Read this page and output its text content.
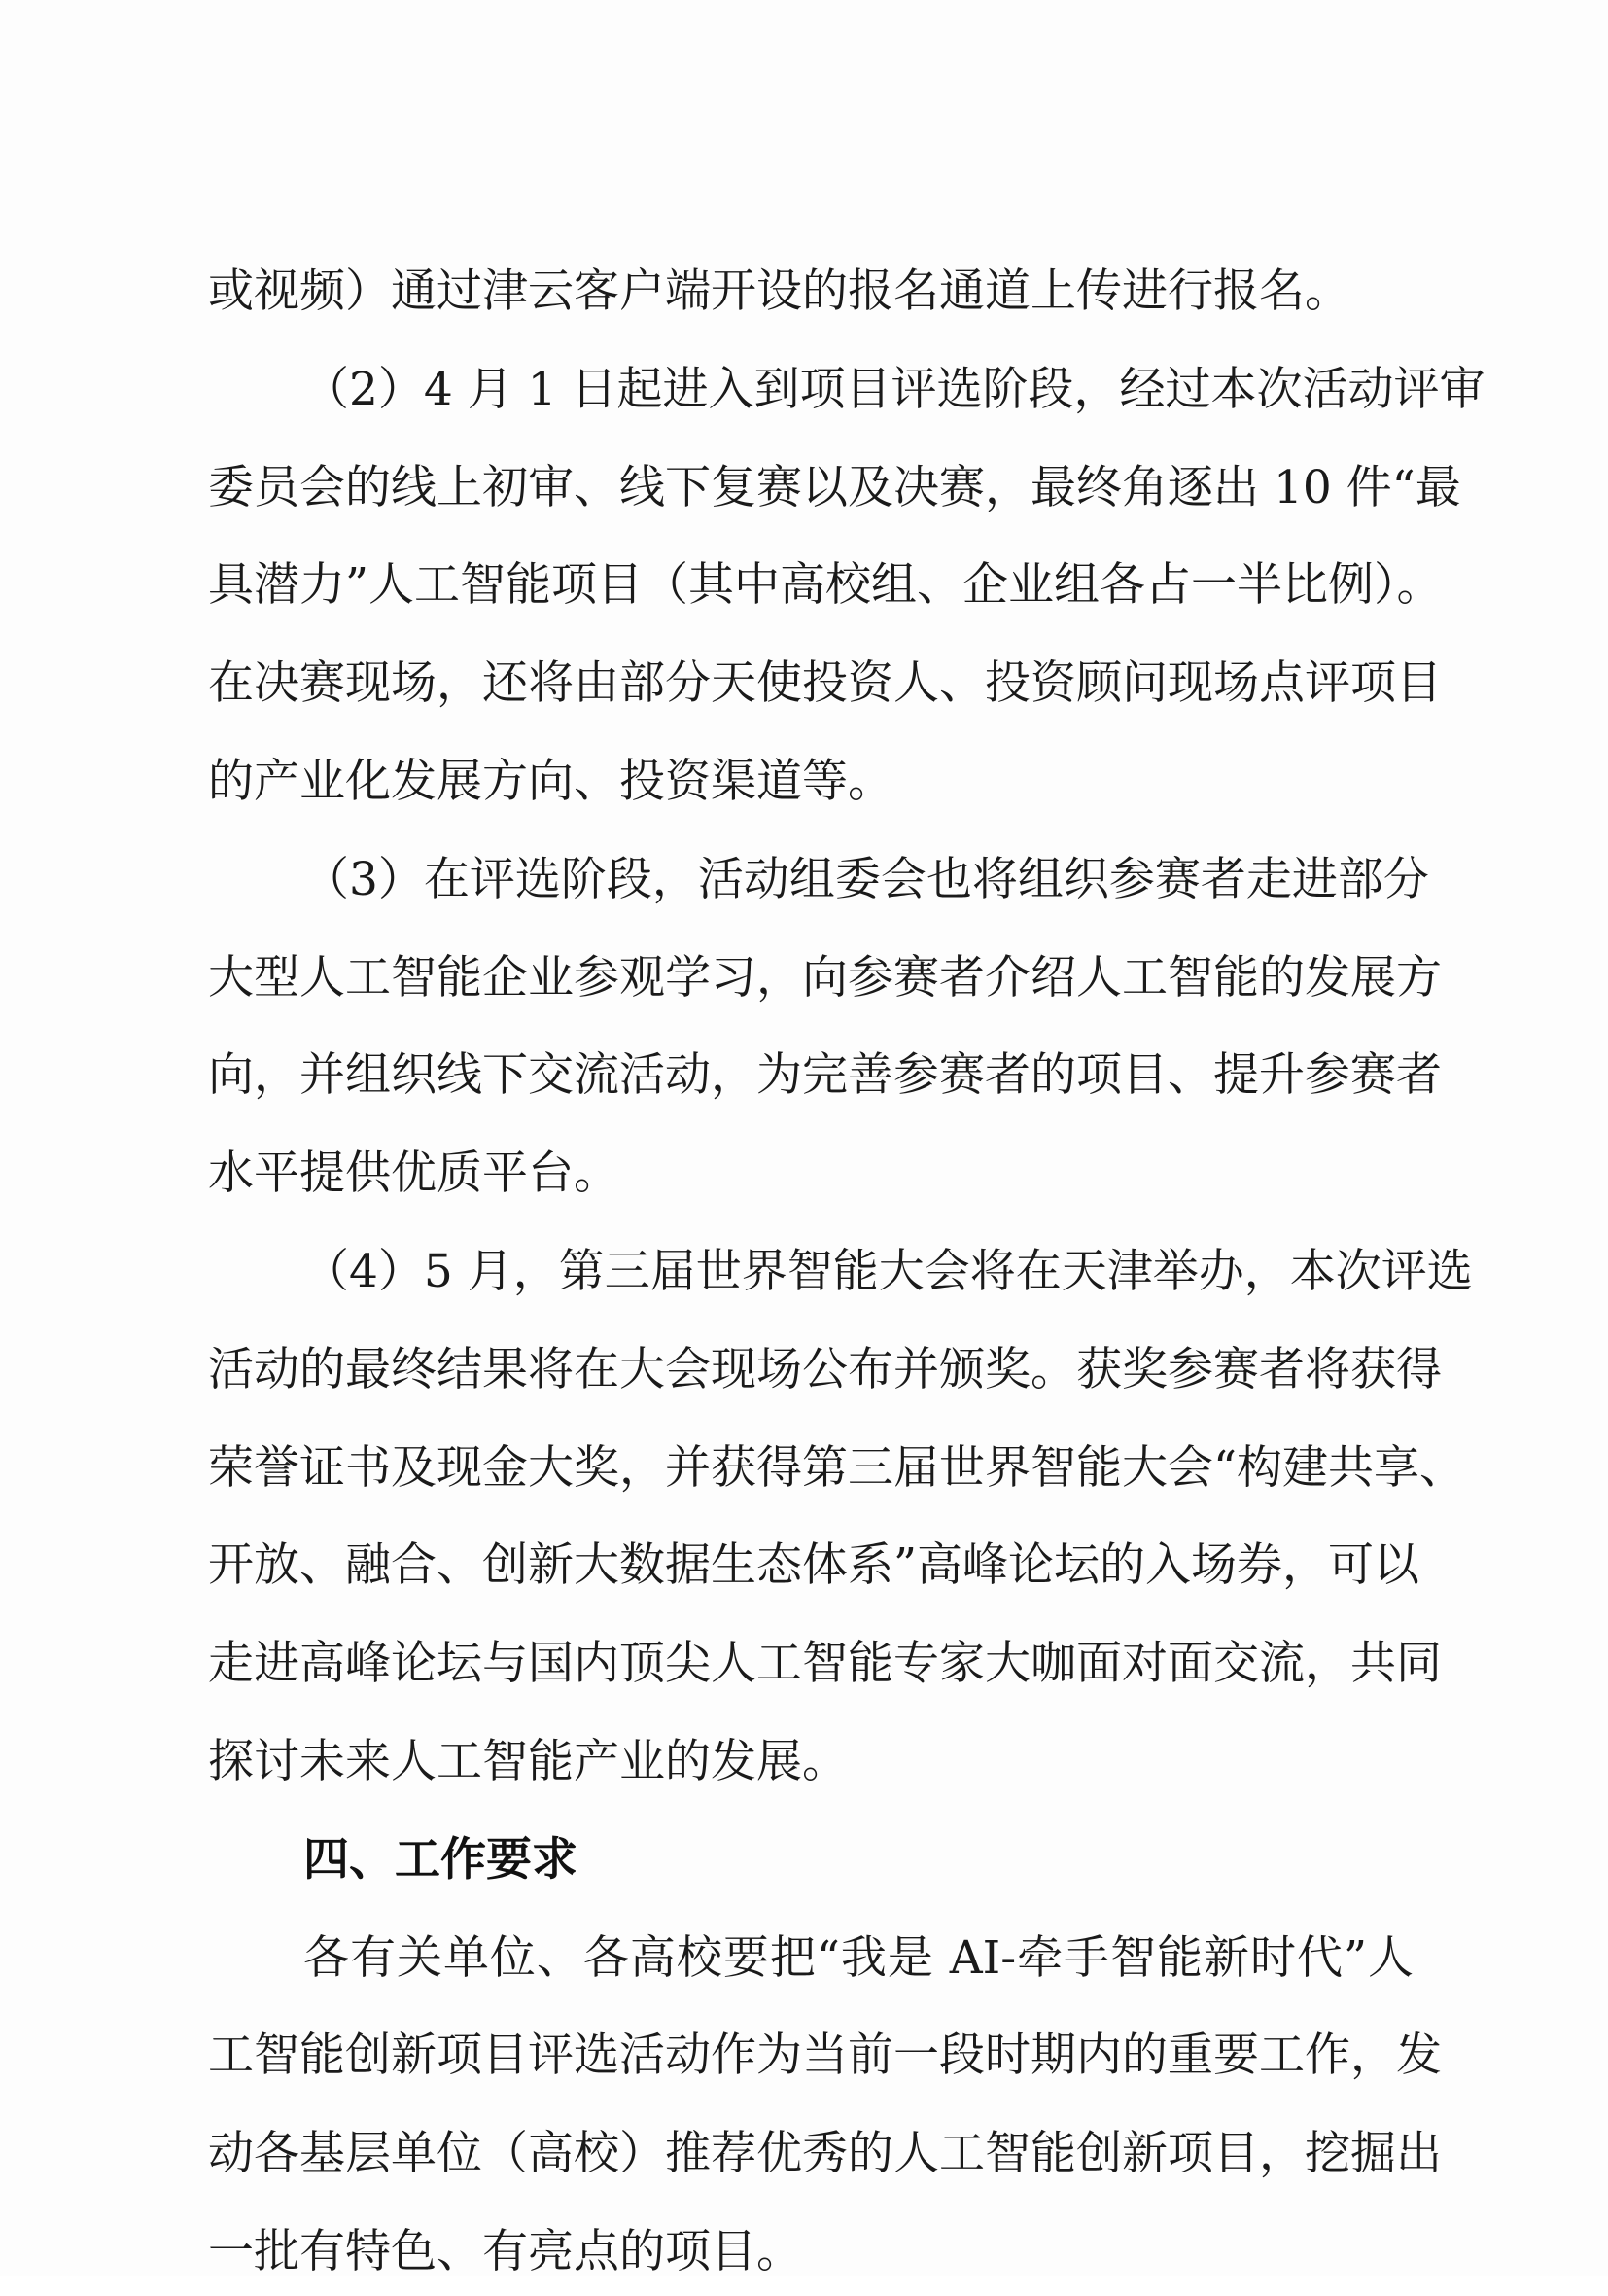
或视频）通过津云客户端开设的报名通道上传进行报名。
（2）4 月 1 日起进入到项目评选阶段，经过本次活动评审
委员会的线上初审、线下复赛以及决赛，最终角逐出 10 件“最
具潜力”人工智能项目（其中高校组、企业组各占一半比例）。
在决赛现场，还将由部分天使投资人、投资顾问现场点评项目
的产业化发展方向、投资渠道等。
（3）在评选阶段，活动组委会也将组织参赛者走进部分
大型人工智能企业参观学习，向参赛者介绍人工智能的发展方
向，并组织线下交流活动，为完善参赛者的项目、提升参赛者
水平提供优质平台。
（4）5 月，第三届世界智能大会将在天津举办，本次评选
活动的最终结果将在大会现场公布并颁奖。获奖参赛者将获得
荣誉证书及现金大奖，并获得第三届世界智能大会“构建共享、
开放、融合、创新大数据生态体系”高峰论坛的入场券，可以
走进高峰论坛与国内顶尖人工智能专家大咖面对面交流，共同
探讨未来人工智能产业的发展。
四、工作要求
各有关单位、各高校要把“我是 AI-牵手智能新时代”人
工智能创新项目评选活动作为当前一段时期内的重要工作，发
动各基层单位（高校）推荐优秀的人工智能创新项目，挖掘出
一批有特色、有亮点的项目。
